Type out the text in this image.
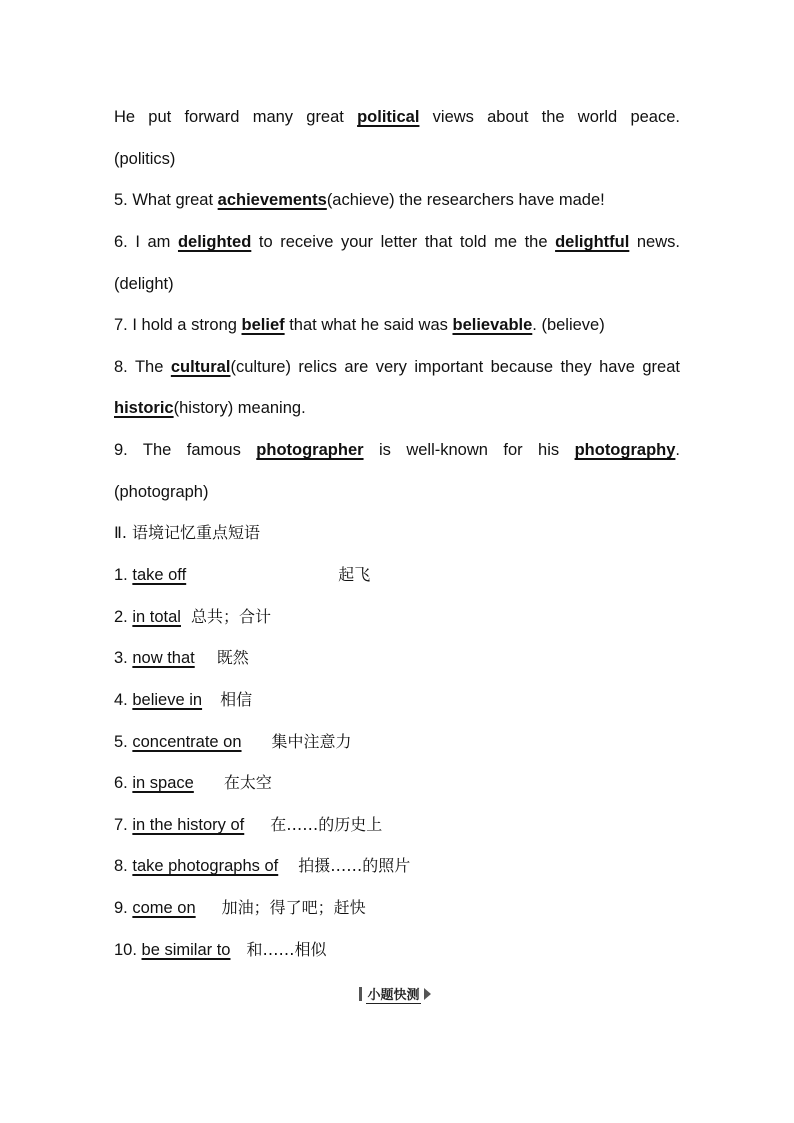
He put forward many great political views about the world peace.
(politics)
5. What great achievements(achieve) the researchers have made!
6. I am delighted to receive your letter that told me the delightful news.
(delight)
7. I hold a strong belief that what he said was believable. (believe)
8. The cultural(culture) relics are very important because they have great
historic(history) meaning.
9. The famous photographer is well-known for his photography.
(photograph)
Ⅱ. 语境记忆重点短语
1. take off	起飞
2. in total 总共；合计
3. now that 既然
4. believe in 相信
5. concentrate on 集中注意力
6. in space 在太空
7. in the history of 在……的历史上
8. take photographs of 拍摄……的照片
9. come on 加油；得了吧；赶快
10. be similar to 和……相似
小题快测
